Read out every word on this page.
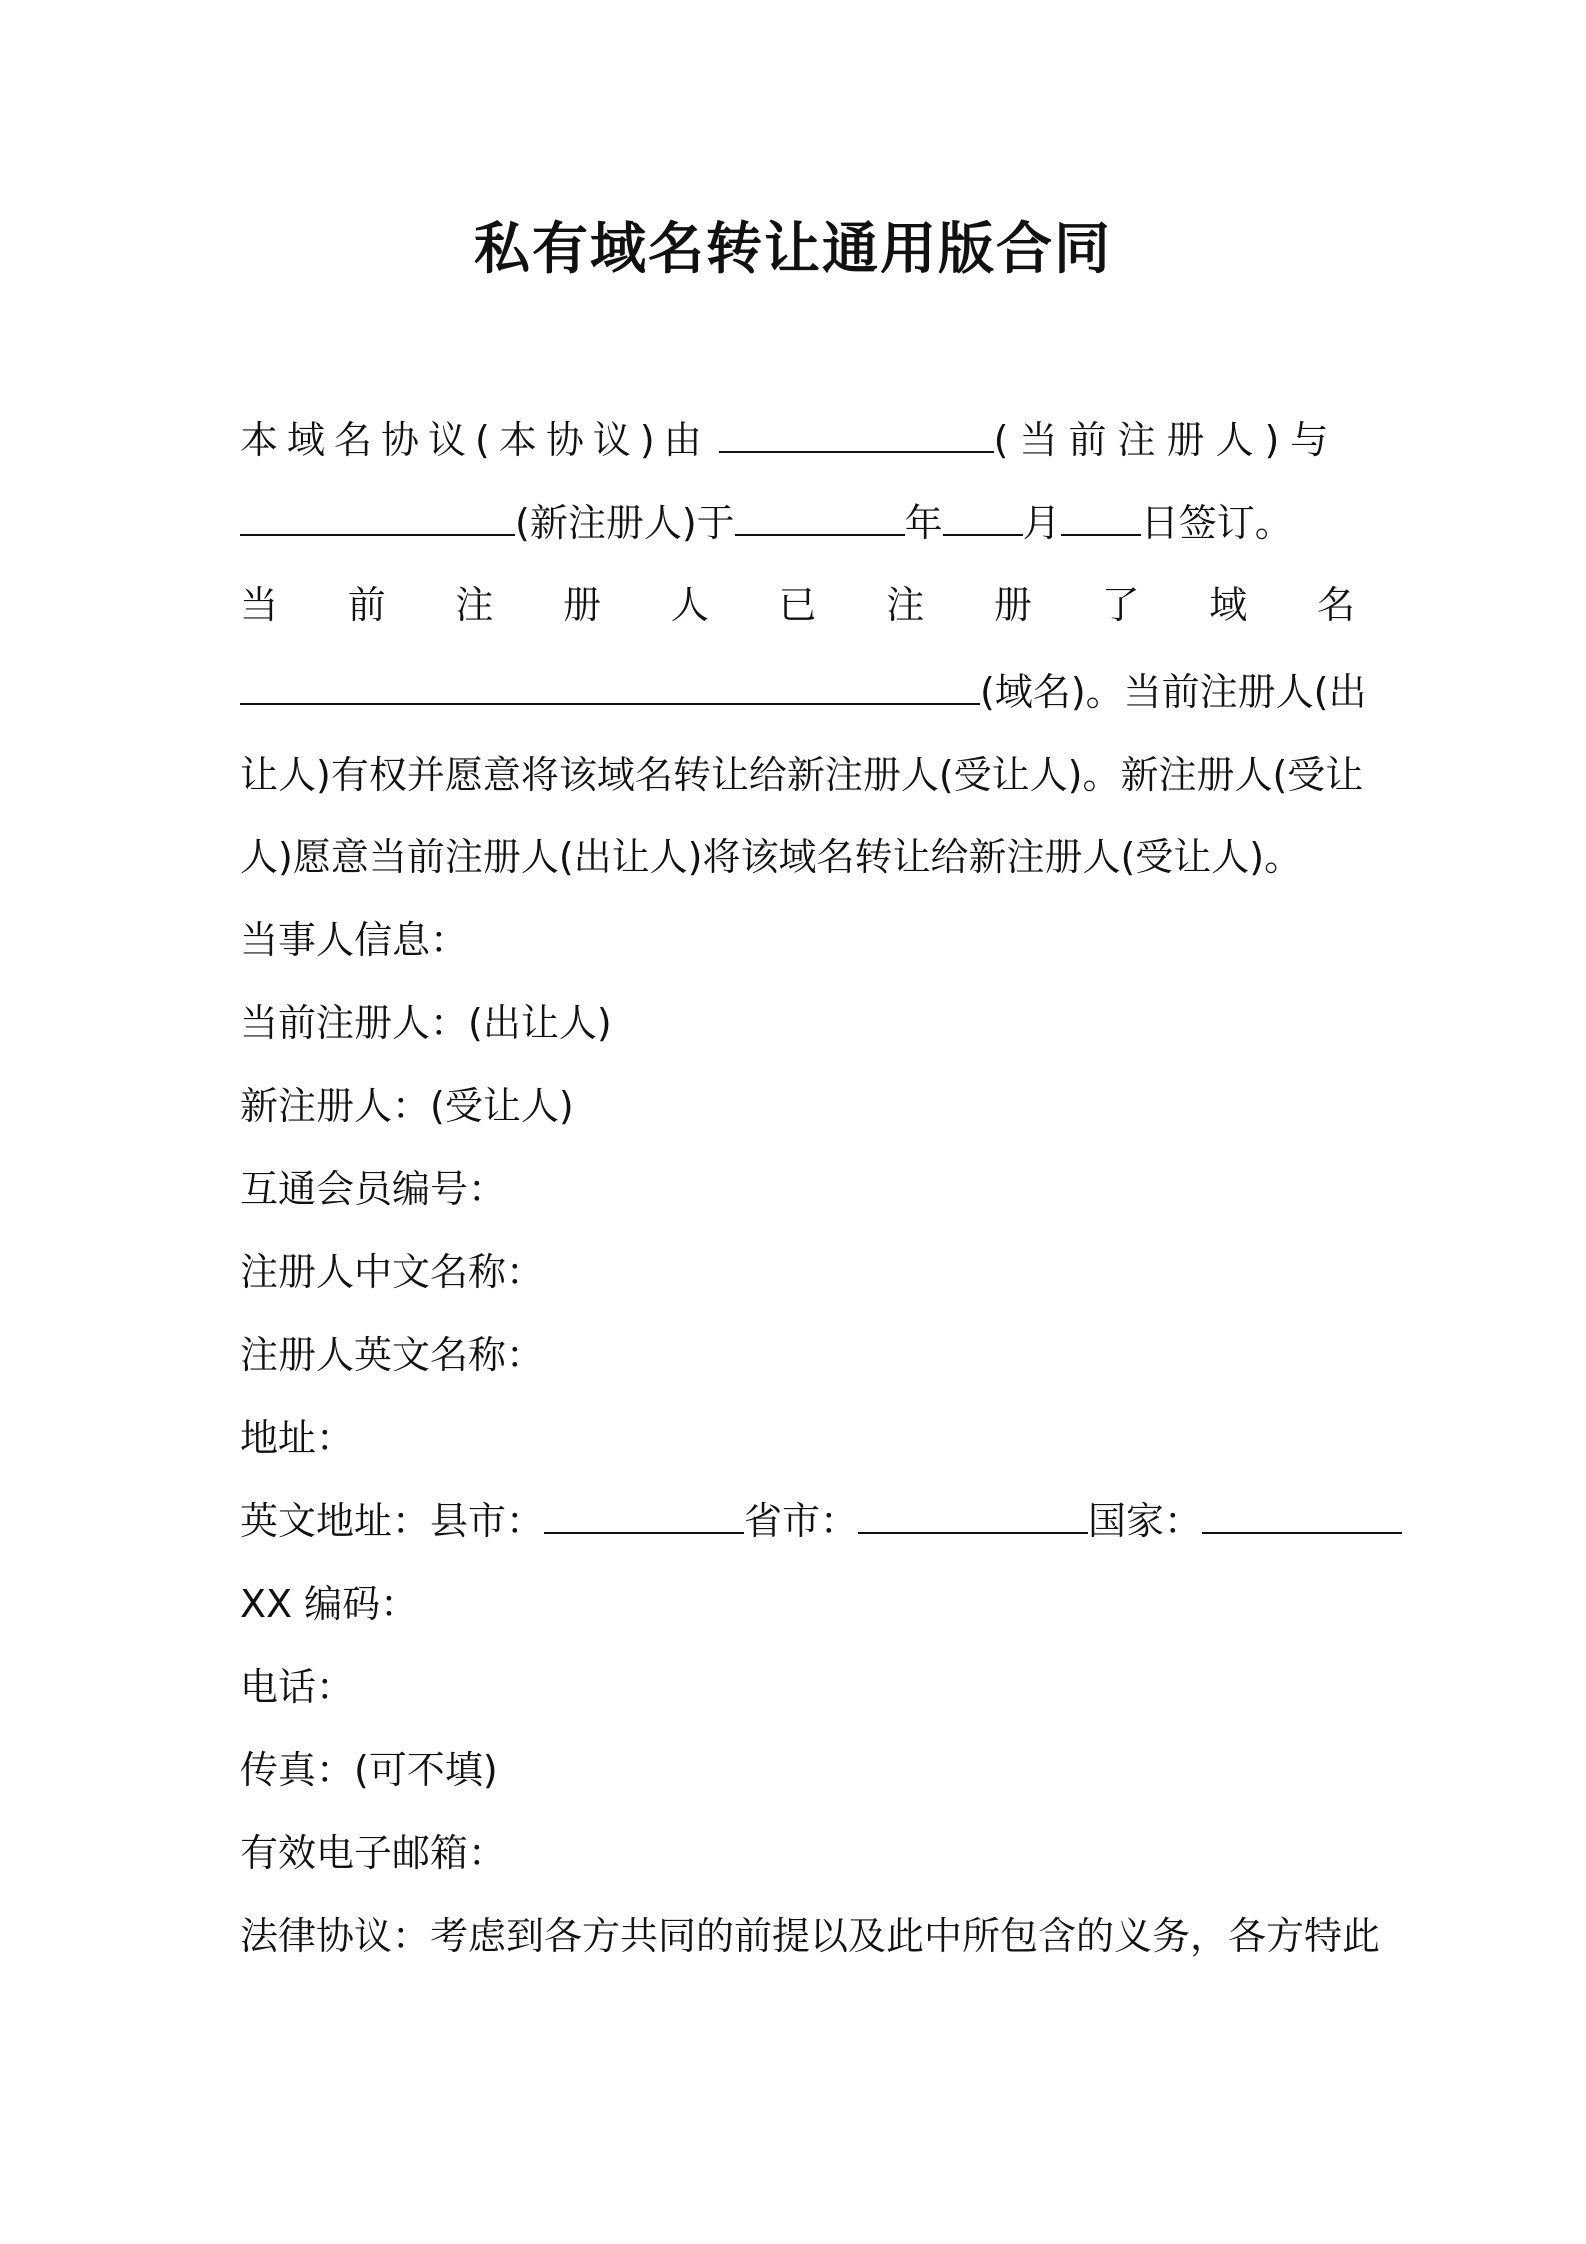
私有域名转让通用版合同
本域名协议(本协议)由	(当前注册人)与
(新注册人)于	年 月 日签订。
当 前 注 册 人 已 注 册 了 域 名
(域名)。当前注册人(出
让人)有权并愿意将该域名转让给新注册人(受让人)。新注册人(受让
人)愿意当前注册人(出让人)将该域名转让给新注册人(受让人)。
当事人信息：
当前注册人：(出让人)
新注册人：(受让人)
互通会员编号：
注册人中文名称：
注册人英文名称：
地址：
英文地址：县市：	省市：	国家：
XX 编码：
电话：
传真：(可不填)
有效电子邮箱：
法律协议：考虑到各方共同的前提以及此中所包含的义务，各方特此
